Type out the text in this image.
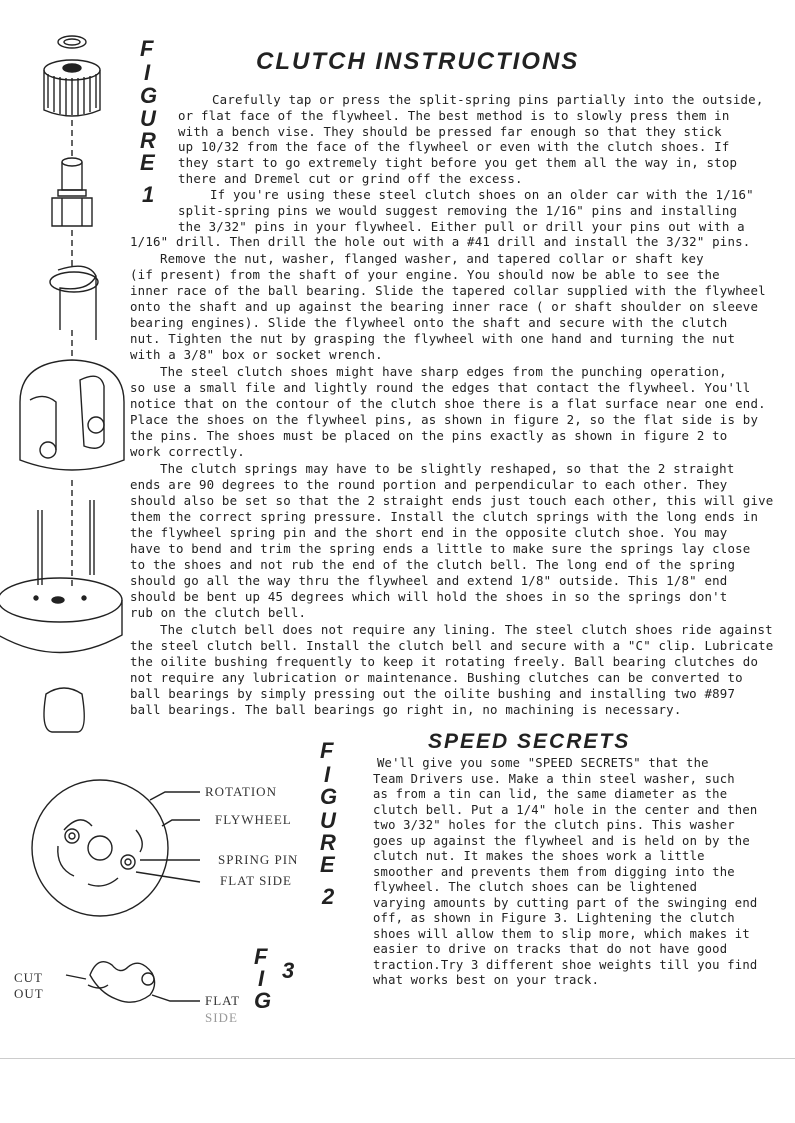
CLUTCH INSTRUCTIONS
F
I
G
U
R
E
1
Carefully tap or press the split-spring pins partially into the outside,
or flat face of the flywheel. The best method is to slowly press them in
with a bench vise. They should be pressed far enough so that they stick
up 10/32 from the face of the flywheel or even with the clutch shoes. If
they start to go extremely tight before you get them all the way in, stop
there and Dremel cut or grind off the excess.
If you're using these steel clutch shoes on an older car with the 1/16"
split-spring pins we would suggest removing the 1/16" pins and installing
the 3/32" pins in your flywheel. Either pull or drill your pins out with a
1/16" drill. Then drill the hole out with a #41 drill and install the 3/32" pins.
Remove the nut, washer, flanged washer, and tapered collar or shaft key
(if present) from the shaft of your engine. You should now be able to see the
inner race of the ball bearing. Slide the tapered collar supplied with the flywheel
onto the shaft and up against the bearing inner race ( or shaft shoulder on sleeve
bearing engines). Slide the flywheel onto the shaft and secure with the clutch
nut. Tighten the nut by grasping the flywheel with one hand and turning the nut
with a 3/8" box or socket wrench.
The steel clutch shoes might have sharp edges from the punching operation,
so use a small file and lightly round the edges that contact the flywheel. You'll
notice that on the contour of the clutch shoe there is a flat surface near one end.
Place the shoes on the flywheel pins, as shown in figure 2, so the flat side is by
the pins. The shoes must be placed on the pins exactly as shown in figure 2 to
work correctly.
The clutch springs may have to be slightly reshaped, so that the 2 straight
ends are 90 degrees to the round portion and perpendicular to each other. They
should also be set so that the 2 straight ends just touch each other, this will give
them the correct spring pressure. Install the clutch springs with the long ends in
the flywheel spring pin and the short end in the opposite clutch shoe. You may
have to bend and trim the spring ends a little to make sure the springs lay close
to the shoes and not rub the end of the clutch bell. The long end of the spring
should go all the way thru the flywheel and extend 1/8" outside. This 1/8" end
should be bent up 45 degrees which will hold the shoes in so the springs don't
rub on the clutch bell.
The clutch bell does not require any lining. The steel clutch shoes ride against
the steel clutch bell. Install the clutch bell and secure with a "C" clip. Lubricate
the oilite bushing frequently to keep it rotating freely. Ball bearing clutches do
not require any lubrication or maintenance. Bushing clutches can be converted to
ball bearings by simply pressing out the oilite bushing and installing two #897
ball bearings. The ball bearings go right in, no machining is necessary.
SPEED SECRETS
F
I
G
U
R
E
2
ROTATION
FLYWHEEL
SPRING PIN
FLAT SIDE
F
I
G
3
CUT
OUT	FLAT
SIDE
We'll give you some "SPEED SECRETS" that the
Team Drivers use. Make a thin steel washer, such
as from a tin can lid, the same diameter as the
clutch bell. Put a 1/4" hole in the center and then
two 3/32" holes for the clutch pins. This washer
goes up against the flywheel and is held on by the
clutch nut. It makes the shoes work a little
smoother and prevents them from digging into the
flywheel. The clutch shoes can be lightened
varying amounts by cutting part of the swinging end
off, as shown in Figure 3. Lightening the clutch
shoes will allow them to slip more, which makes it
easier to drive on tracks that do not have good
traction.Try 3 different shoe weights till you find
what works best on your track.
